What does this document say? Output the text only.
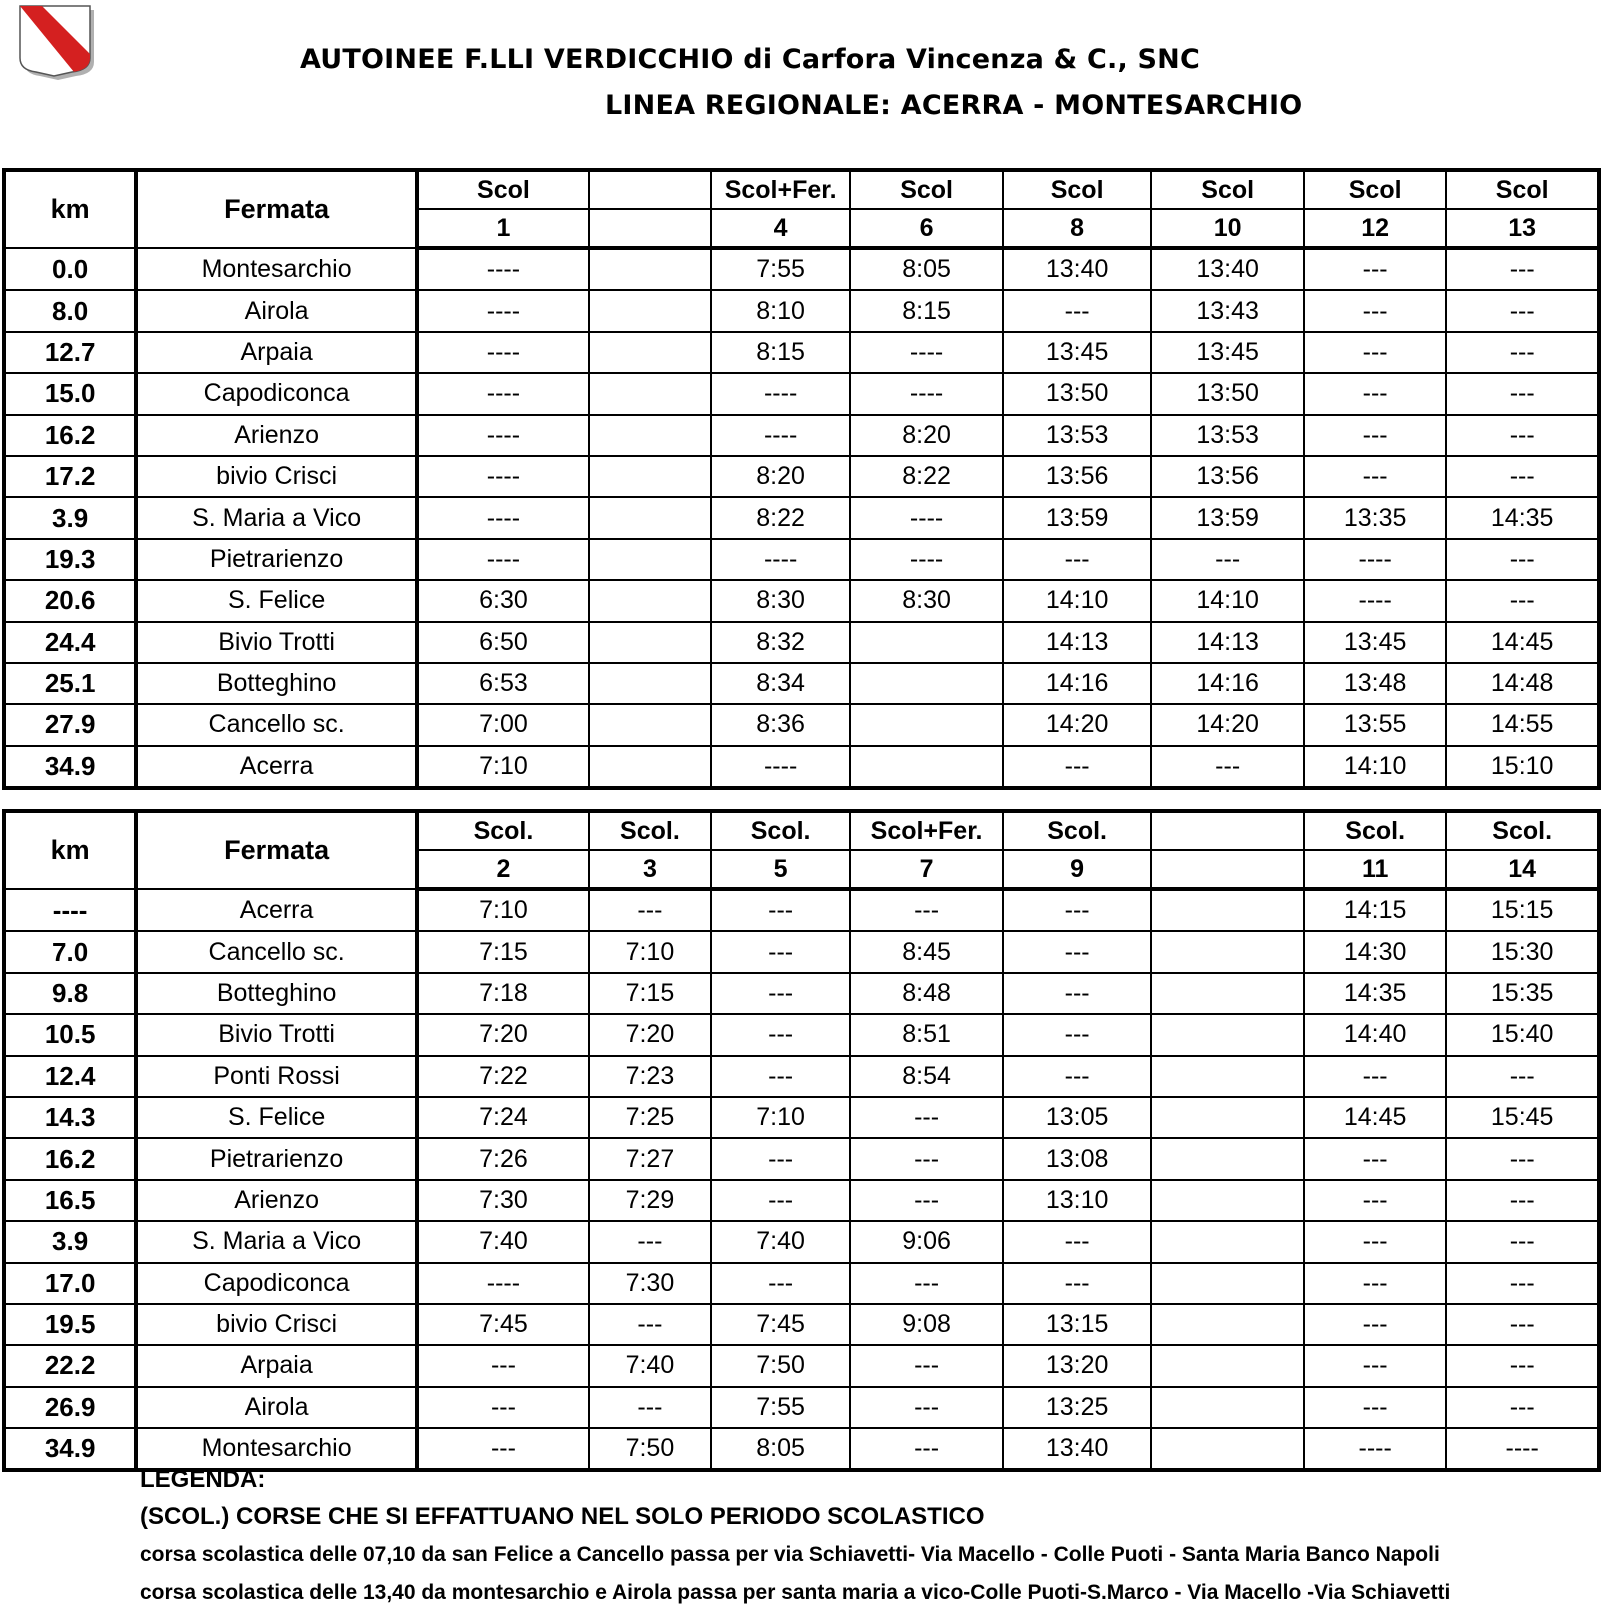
AUTOINEE F.LLI VERDICCHIO di Carfora Vincenza & C., SNC
LINEA REGIONALE: ACERRA - MONTESARCHIO
km	Fermata	Scol		Scol+Fer.	Scol	Scol	Scol	Scol	Scol
		1		4	6	8	10	12	13
0.0	Montesarchio	----		7:55	8:05	13:40	13:40	---	---
8.0	Airola	----		8:10	8:15	---	13:43	---	---
12.7	Arpaia	----		8:15	----	13:45	13:45	---	---
15.0	Capodiconca	----		----	----	13:50	13:50	---	---
16.2	Arienzo	----		----	8:20	13:53	13:53	---	---
17.2	bivio Crisci	----		8:20	8:22	13:56	13:56	---	---
3.9	S. Maria a Vico	----		8:22	----	13:59	13:59	13:35	14:35
19.3	Pietrarienzo	----		----	----	---	---	----	---
20.6	S. Felice	6:30		8:30	8:30	14:10	14:10	----	---
24.4	Bivio Trotti	6:50		8:32		14:13	14:13	13:45	14:45
25.1	Botteghino	6:53		8:34		14:16	14:16	13:48	14:48
27.9	Cancello sc.	7:00		8:36		14:20	14:20	13:55	14:55
34.9	Acerra	7:10		----		---	---	14:10	15:10
km	Fermata	Scol.	Scol.	Scol.	Scol+Fer.	Scol.		Scol.	Scol.
		2	3	5	7	9		11	14
----	Acerra	7:10	---	---	---	---		14:15	15:15
7.0	Cancello sc.	7:15	7:10	---	8:45	---		14:30	15:30
9.8	Botteghino	7:18	7:15	---	8:48	---		14:35	15:35
10.5	Bivio Trotti	7:20	7:20	---	8:51	---		14:40	15:40
12.4	Ponti Rossi	7:22	7:23	---	8:54	---		---	---
14.3	S. Felice	7:24	7:25	7:10	---	13:05		14:45	15:45
16.2	Pietrarienzo	7:26	7:27	---	---	13:08		---	---
16.5	Arienzo	7:30	7:29	---	---	13:10		---	---
3.9	S. Maria a Vico	7:40	---	7:40	9:06	---		---	---
17.0	Capodiconca	----	7:30	---	---	---		---	---
19.5	bivio Crisci	7:45	---	7:45	9:08	13:15		---	---
22.2	Arpaia	---	7:40	7:50	---	13:20		---	---
26.9	Airola	---	---	7:55	---	13:25		---	---
34.9	Montesarchio	---	7:50	8:05	---	13:40		----	----
LEGENDA:
(SCOL.) CORSE CHE SI EFFATTUANO NEL SOLO PERIODO SCOLASTICO
corsa scolastica delle 07,10 da san Felice a Cancello passa per via Schiavetti- Via Macello - Colle Puoti - Santa Maria Banco Napoli
corsa scolastica delle 13,40 da montesarchio e Airola passa per santa maria a vico-Colle Puoti-S.Marco - Via Macello -Via Schiavetti
